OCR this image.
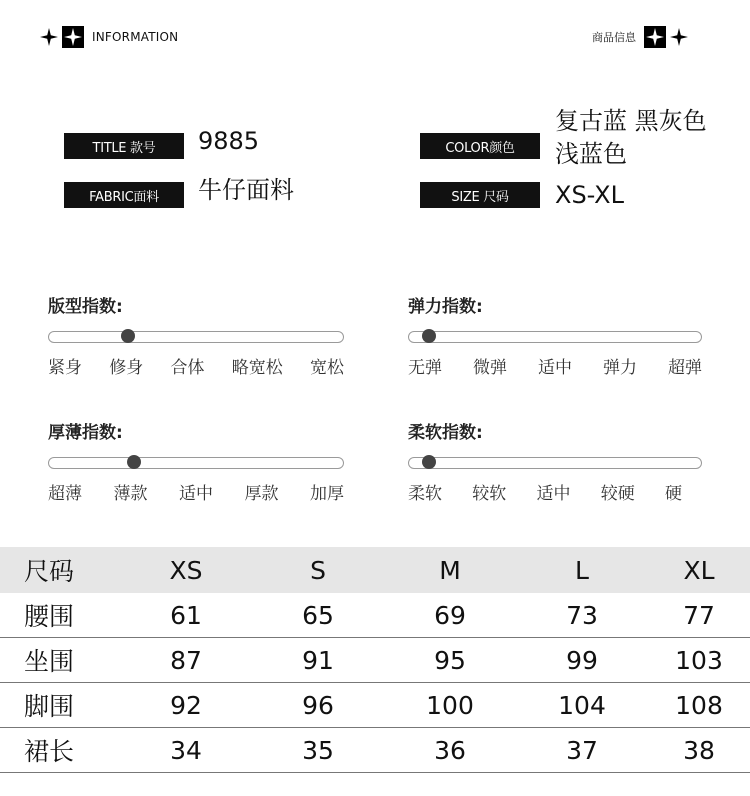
INFORMATION	商品信息
TITLE 款号	9885
FABRIC面料	牛仔面料
COLOR颜色
复古蓝 黑灰色
浅蓝色
SIZE 尺码	XS-XL
版型指数:
紧身 修身 合体 略宽松 宽松
弹力指数:
无弹 微弹 适中 弹力 超弹
厚薄指数:
超薄 薄款 适中 厚款 加厚
柔软指数:
柔软 较软 适中 较硬 硬
尺码	XS	S	M	L	XL
腰围	61	65	69	73	77
坐围	87	91	95	99	103
脚围	92	96	100	104	108
裙长	34	35	36	37	38
